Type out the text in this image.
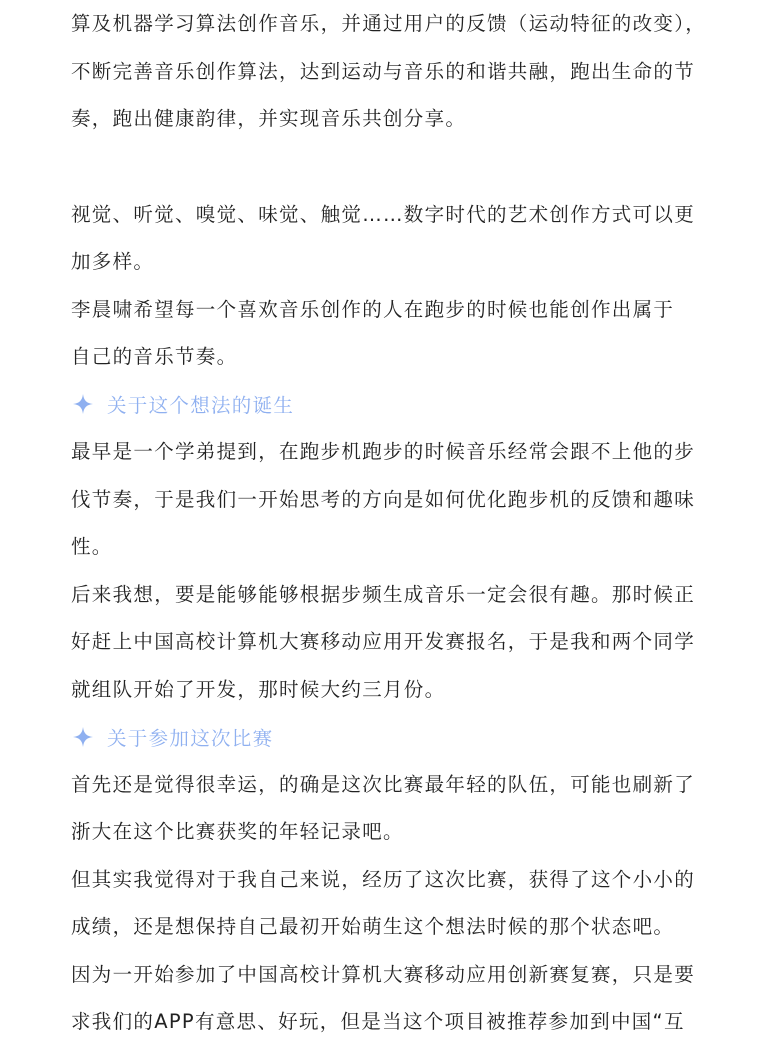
算及机器学习算法创作音乐，并通过用户的反馈（运动特征的改变），
不断完善音乐创作算法，达到运动与音乐的和谐共融，跑出生命的节
奏，跑出健康韵律，并实现音乐共创分享。
视觉、听觉、嗅觉、味觉、触觉……数字时代的艺术创作方式可以更
加多样。
李晨啸希望每一个喜欢音乐创作的人在跑步的时候也能创作出属于
自己的音乐节奏。
关于这个想法的诞生
最早是一个学弟提到，在跑步机跑步的时候音乐经常会跟不上他的步
伐节奏，于是我们一开始思考的方向是如何优化跑步机的反馈和趣味
性。
后来我想，要是能够能够根据步频生成音乐一定会很有趣。那时候正
好赶上中国高校计算机大赛移动应用开发赛报名，于是我和两个同学
就组队开始了开发，那时候大约三月份。
关于参加这次比赛
首先还是觉得很幸运，的确是这次比赛最年轻的队伍，可能也刷新了
浙大在这个比赛获奖的年轻记录吧。
但其实我觉得对于我自己来说，经历了这次比赛，获得了这个小小的
成绩，还是想保持自己最初开始萌生这个想法时候的那个状态吧。
因为一开始参加了中国高校计算机大赛移动应用创新赛复赛，只是要
求我们的APP有意思、好玩，但是当这个项目被推荐参加到中国“互
